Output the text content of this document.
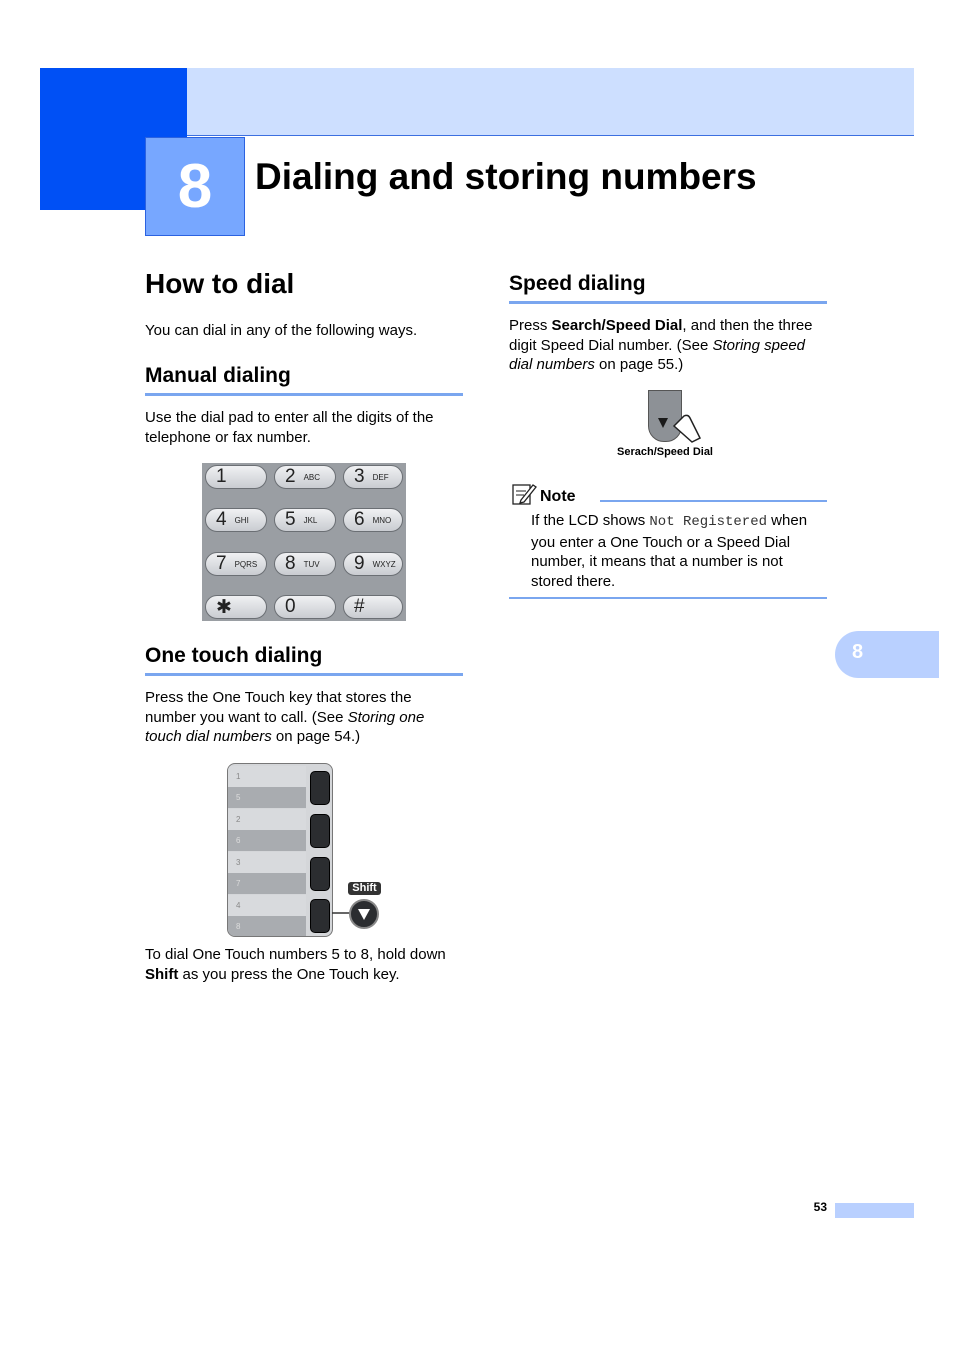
8	Dialing and storing numbers
How to dial

You can dial in any of the following ways.

Manual dialing

Use the dial pad to enter all the digits of the telephone or fax number.

1	2 ABC 3 DEF
4 GHI 5 JKL 6 MNO
7 PQRS 8 TUV 9 WXYZ
✱	0	#
One touch dialing

Press the One Touch key that stores the number you want to call. (See Storing one touch dial numbers on page 54.)

1
5
2
6
3
7
4
8
Shift

To dial One Touch numbers 5 to 8, hold down Shift as you press the One Touch key.

Speed dialing

Press Search/Speed Dial, and then the three digit Speed Dial number. (See Storing speed dial numbers on page 55.)

Serach/Speed Dial
Note

If the LCD shows Not Registered when you enter a One Touch or a Speed Dial number, it means that a number is not stored there.

8
53
